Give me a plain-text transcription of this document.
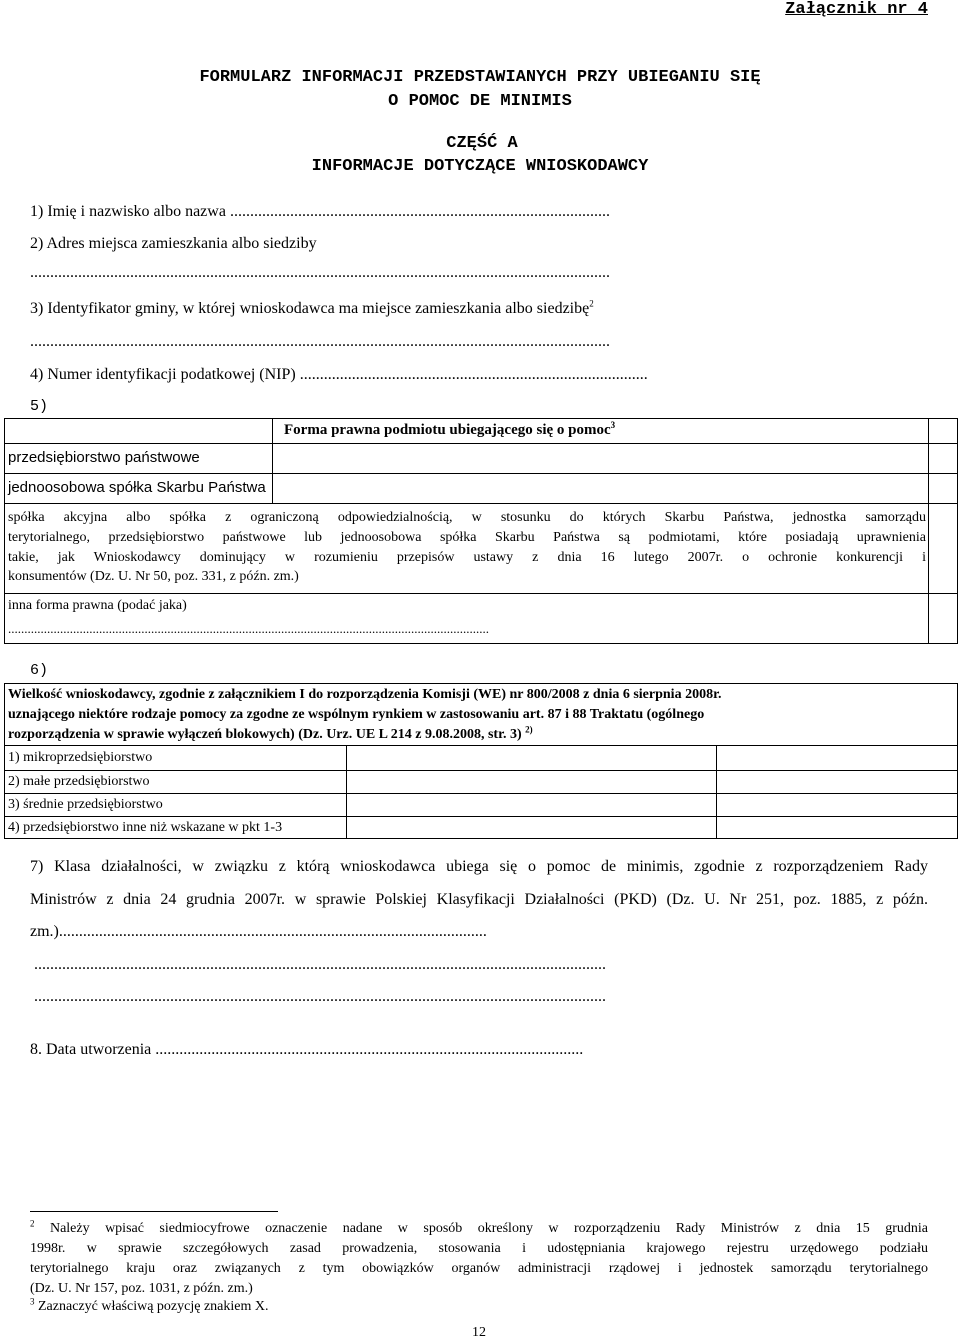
Załącznik nr 4
FORMULARZ INFORMACJI PRZEDSTAWIANYCH PRZY UBIEGANIU SIĘ
O POMOC DE MINIMIS
CZĘŚĆ A
INFORMACJE DOTYCZĄCE WNIOSKODAWCY
1) Imię i nazwisko albo nazwa ...............................................................................................
2) Adres miejsca zamieszkania albo siedziby
.................................................................................................................................................
3) Identyfikator gminy, w której wnioskodawca ma miejsce zamieszkania albo siedzibę$^2$
.................................................................................................................................................
4) Numer identyfikacji podatkowej (NIP) .......................................................................................
5)
Forma prawna podmiotu ubiegającego się o pomoc$^3$
przedsiębiorstwo państwowe
jednoosobowa spółka Skarbu Państwa
spółka akcyjna albo spółka z ograniczoną odpowiedzialnością, w stosunku do których Skarbu Państwa, jednostka samorządu
terytorialnego, przedsiębiorstwo państwowe lub jednoosobowa spółka Skarbu Państwa są podmiotami, które posiadają uprawnienia
takie, jak Wnioskodawcy dominujący w rozumieniu przepisów ustawy z dnia 16 lutego 2007r. o ochronie konkurencji i
konsumentów (Dz. U. Nr 50, poz. 331, z późn. zm.)
inna forma prawna (podać jaka)
....................................................................................................................................................
6)
Wielkość wnioskodawcy, zgodnie z załącznikiem I do rozporządzenia Komisji (WE) nr 800/2008 z dnia 6 sierpnia 2008r.
uznającego niektóre rodzaje pomocy za zgodne ze wspólnym rynkiem w zastosowaniu art. 87 i 88 Traktatu (ogólnego
rozporządzenia w sprawie wyłączeń blokowych) (Dz. Urz. UE L 214 z 9.08.2008, str. 3) $^{2)}$
1) mikroprzedsiębiorstwo
2) małe przedsiębiorstwo
3) średnie przedsiębiorstwo
4) przedsiębiorstwo inne niż wskazane w pkt 1-3
7) Klasa działalności, w związku z którą wnioskodawca ubiega się o pomoc de minimis, zgodnie z rozporządzeniem Rady
Ministrów z dnia 24 grudnia 2007r. w sprawie Polskiej Klasyfikacji Działalności (PKD) (Dz. U. Nr 251, poz. 1885, z późn.
zm.)...........................................................................................................
...............................................................................................................................................
...............................................................................................................................................
8. Data utworzenia ...........................................................................................................
$^2$ Należy wpisać siedmiocyfrowe oznaczenie nadane w sposób określony w rozporządzeniu Rady Ministrów z dnia 15 grudnia
1998r. w sprawie szczegółowych zasad prowadzenia, stosowania i udostępniania krajowego rejestru urzędowego podziału
terytorialnego kraju oraz związanych z tym obowiązków organów administracji rządowej i jednostek samorządu terytorialnego
(Dz. U. Nr 157, poz. 1031, z późn. zm.)
$^3$ Zaznaczyć właściwą pozycję znakiem X.
12
